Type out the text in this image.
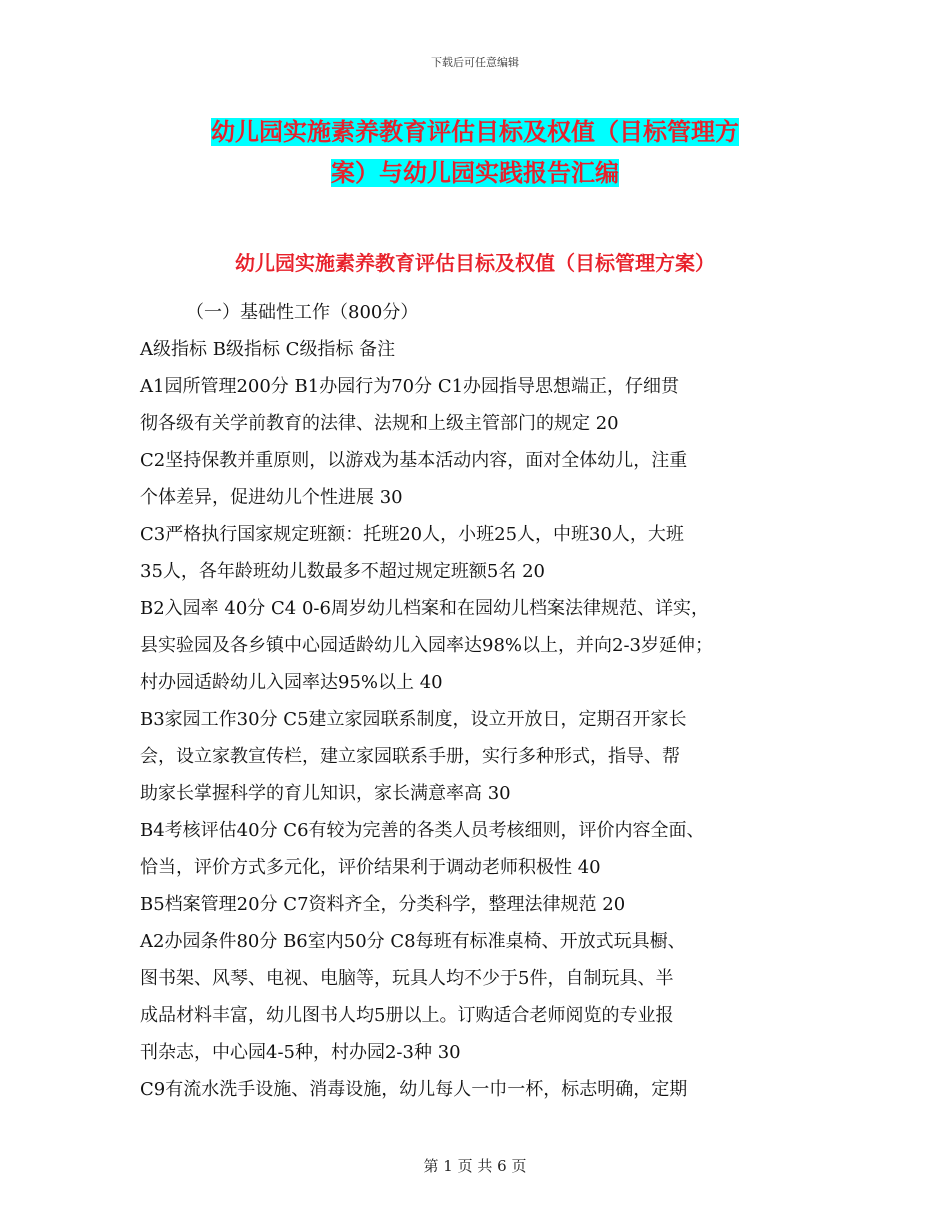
下载后可任意编辑
幼儿园实施素养教育评估目标及权值（目标管理方
案）与幼儿园实践报告汇编
幼儿园实施素养教育评估目标及权值（目标管理方案）
（一）基础性工作（800分）
A级指标 B级指标 C级指标 备注
A1园所管理200分 B1办园行为70分 C1办园指导思想端正，仔细贯
彻各级有关学前教育的法律、法规和上级主管部门的规定 20
C2坚持保教并重原则，以游戏为基本活动内容，面对全体幼儿，注重
个体差异，促进幼儿个性进展 30
C3严格执行国家规定班额：托班20人，小班25人，中班30人，大班
35人，各年龄班幼儿数最多不超过规定班额5名 20
B2入园率 40分 C4 0-6周岁幼儿档案和在园幼儿档案法律规范、详实，
县实验园及各乡镇中心园适龄幼儿入园率达98%以上，并向2-3岁延伸；
村办园适龄幼儿入园率达95%以上 40
B3家园工作30分 C5建立家园联系制度，设立开放日，定期召开家长
会，设立家教宣传栏，建立家园联系手册，实行多种形式，指导、帮
助家长掌握科学的育儿知识，家长满意率高 30
B4考核评估40分 C6有较为完善的各类人员考核细则，评价内容全面、
恰当，评价方式多元化，评价结果利于调动老师积极性 40
B5档案管理20分 C7资料齐全，分类科学，整理法律规范 20
A2办园条件80分 B6室内50分 C8每班有标准桌椅、开放式玩具橱、
图书架、风琴、电视、电脑等，玩具人均不少于5件，自制玩具、半
成品材料丰富，幼儿图书人均5册以上。订购适合老师阅览的专业报
刊杂志，中心园4-5种，村办园2-3种 30
C9有流水洗手设施、消毒设施，幼儿每人一巾一杯，标志明确，定期
第 1 页 共 6 页
